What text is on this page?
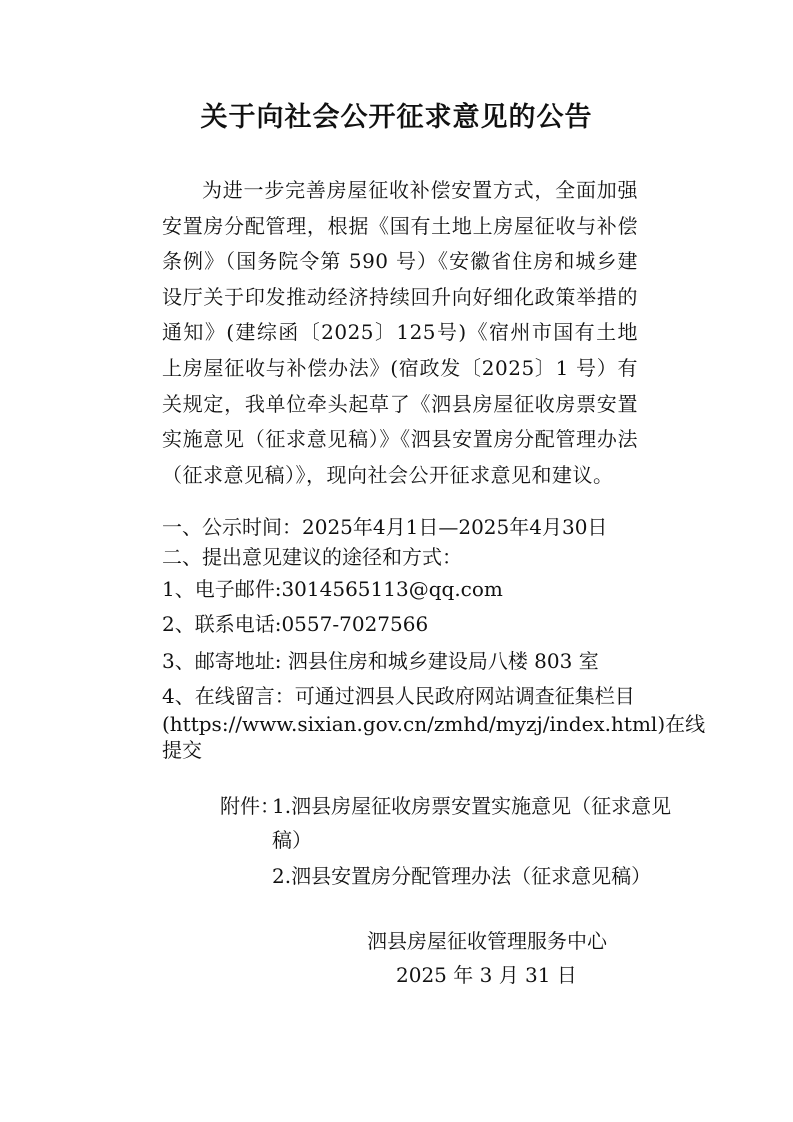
关于向社会公开征求意见的公告
为进一步完善房屋征收补偿安置方式，全面加强安置房分配管理，根据《国有土地上房屋征收与补偿条例》（国务院令第 590 号）《安徽省住房和城乡建设厅关于印发推动经济持续回升向好细化政策举措的通知》(建综函〔2025〕125号)《宿州市国有土地上房屋征收与补偿办法》(宿政发〔2025〕1 号）有关规定，我单位牵头起草了《泗县房屋征收房票安置实施意见（征求意见稿）》《泗县安置房分配管理办法（征求意见稿）》，现向社会公开征求意见和建议。
一、公示时间：2025年4月1日—2025年4月30日
二、提出意见建议的途径和方式：
1、电子邮件:3014565113@qq.com
2、联系电话:0557-7027566
3、邮寄地址: 泗县住房和城乡建设局八楼 803 室
4、在线留言：可通过泗县人民政府网站调查征集栏目
(https://www.sixian.gov.cn/zmhd/myzj/index.html)在线
提交
附件：
1.泗县房屋征收房票安置实施意见（征求意见稿）
2.泗县安置房分配管理办法（征求意见稿）
泗县房屋征收管理服务中心
2025 年 3 月 31 日
